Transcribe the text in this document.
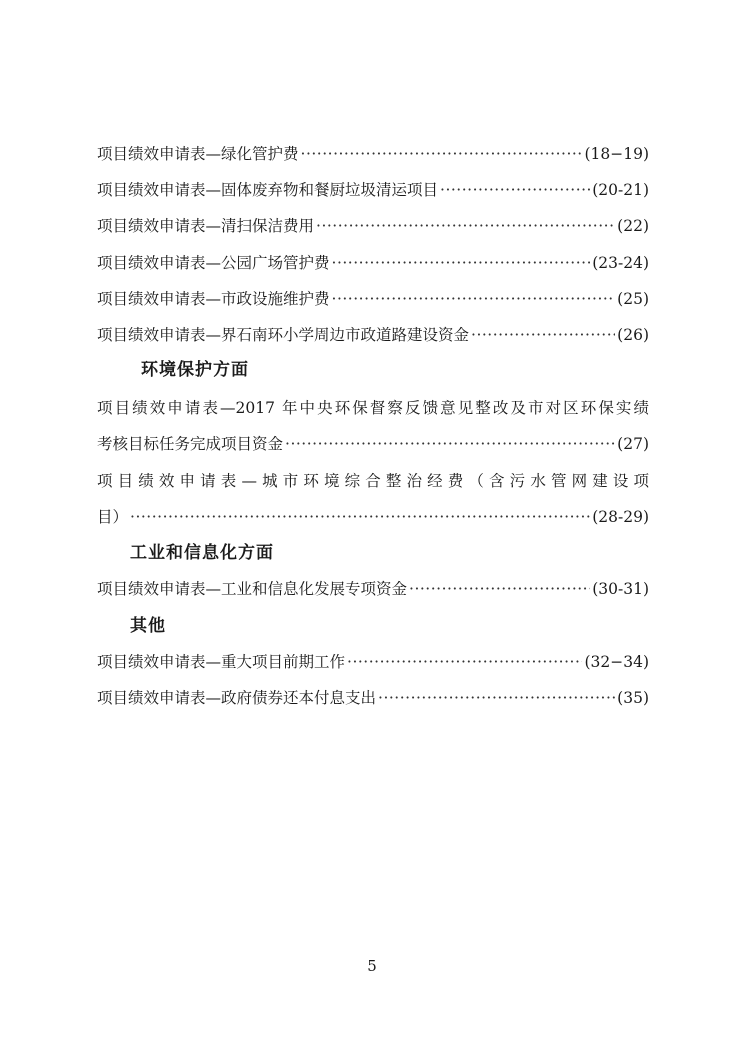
项目绩效申请表—绿化管护费 ·····	(18−19)
项目绩效申请表—固体废弃物和餐厨垃圾清运项目 ·····	(20-21)
项目绩效申请表—清扫保洁费用 ·····	(22)
项目绩效申请表—公园广场管护费 ·····	(23-24)
项目绩效申请表—市政设施维护费 ·····	(25)
项目绩效申请表—界石南环小学周边市政道路建设资金 ·····	(26)
环境保护方面
项目绩效申请表—2017 年中央环保督察反馈意见整改及市对区环保实绩
考核目标任务完成项目资金 ·····	(27)
项目绩效申请表—城市环境综合整治经费（含污水管网建设项
目） ·····	(28-29)
工业和信息化方面
项目绩效申请表—工业和信息化发展专项资金 ·····	(30-31)
其他
项目绩效申请表—重大项目前期工作 ·····	(32−34)
项目绩效申请表—政府债券还本付息支出 ·····	(35)
5
